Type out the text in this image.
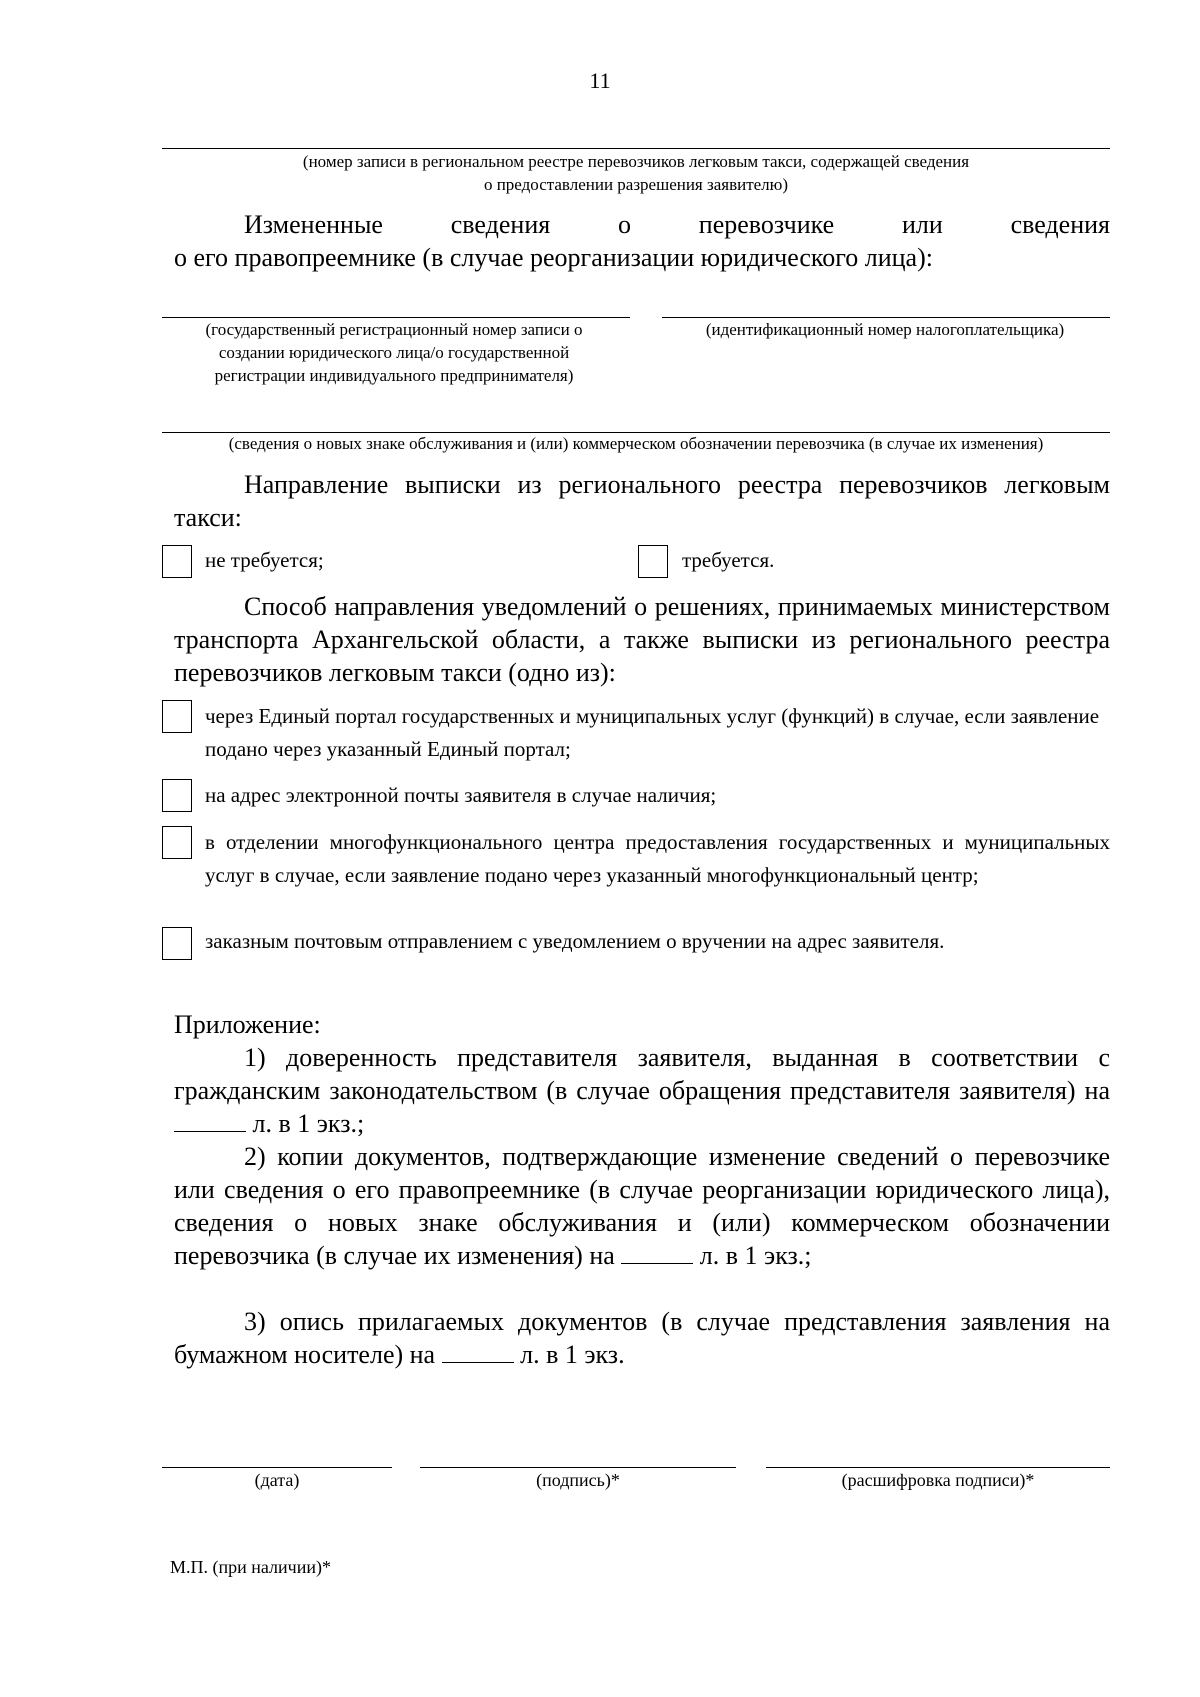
11
(номер записи в региональном реестре перевозчиков легковым такси, содержащей сведения
о предоставлении разрешения заявителю)
Измененные сведения о перевозчике или сведения
о его правопреемнике (в случае реорганизации юридического лица):
(государственный регистрационный номер записи о создании юридического лица/о государственной регистрации индивидуального предпринимателя)
(идентификационный номер налогоплательщика)
(сведения о новых знаке обслуживания и (или) коммерческом обозначении перевозчика (в случае их изменения)
Направление выписки из регионального реестра перевозчиков легковым такси:
не требуется;	требуется.
Способ направления уведомлений о решениях, принимаемых министерством транспорта Архангельской области, а также выписки из регионального реестра перевозчиков легковым такси (одно из):
через Единый портал государственных и муниципальных услуг (функций) в случае, если заявление подано через указанный Единый портал;
на адрес электронной почты заявителя в случае наличия;
в отделении многофункционального центра предоставления государственных и муниципальных услуг в случае, если заявление подано через указанный многофункциональный центр;
заказным почтовым отправлением с уведомлением о вручении на адрес заявителя.
Приложение:
1) доверенность представителя заявителя, выданная в соответствии с гражданским законодательством (в случае обращения представителя заявителя) на  л. в 1 экз.;
2) копии документов, подтверждающие изменение сведений о перевозчике или сведения о его правопреемнике (в случае реорганизации юридического лица), сведения о новых знаке обслуживания и (или) коммерческом обозначении перевозчика (в случае их изменения) на	л. в 1 экз.;
3) опись прилагаемых документов (в случае представления заявления на бумажном носителе) на	л. в 1 экз.
(дата)	(подпись)*	(расшифровка подписи)*
М.П. (при наличии)*
